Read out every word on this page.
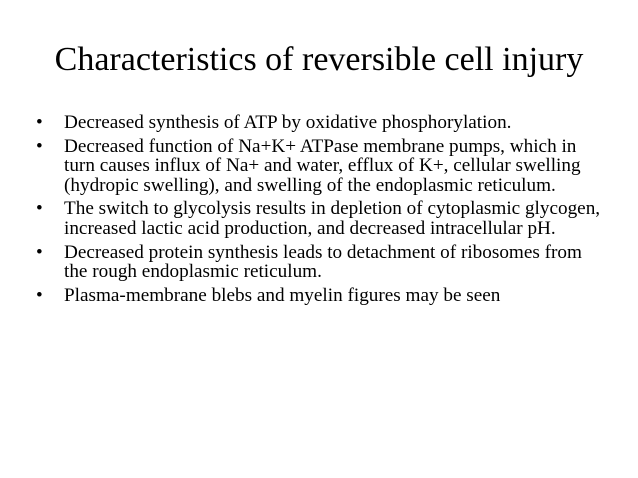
Characteristics of reversible cell injury
•	Decreased synthesis of ATP by oxidative phosphorylation.
•	Decreased function of Na+K+ ATPase membrane pumps, which in turn causes influx of Na+ and water, efflux of K+, cellular swelling (hydropic swelling), and swelling of the endoplasmic reticulum.
•	The switch to glycolysis results in depletion of cytoplasmic glycogen, increased lactic acid production, and decreased intracellular pH.
•	Decreased protein synthesis leads to detachment of ribosomes from the rough endoplasmic reticulum.
•	Plasma-membrane blebs and myelin figures may be seen
